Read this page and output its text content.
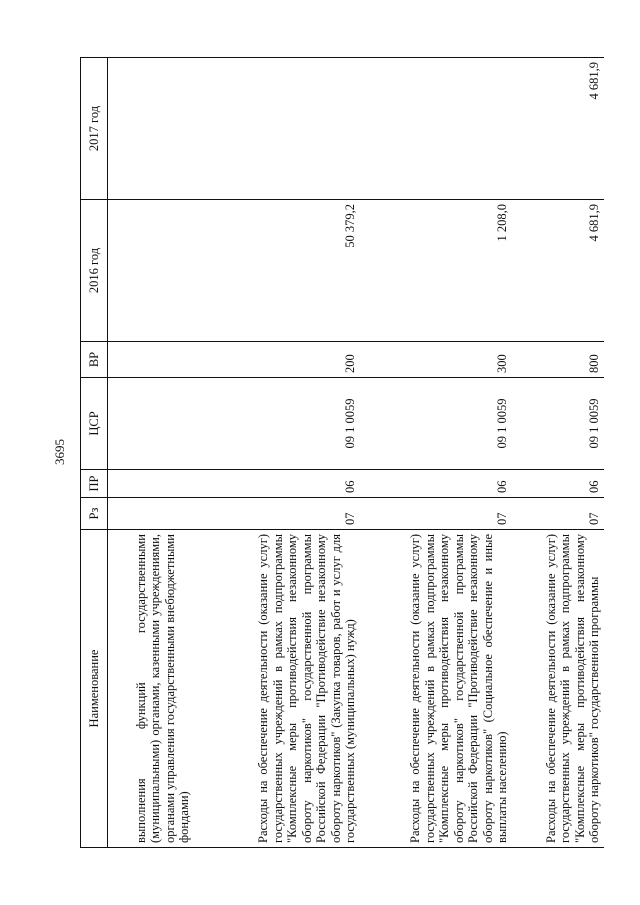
3695
Наименование	Рз	ПР	ЦСР	ВР	2016 год	2017 год
выполнения функций государственными (муниципальными) органами, казенными учреждениями, органами управления государственными внебюджетными фондами)						
Расходы на обеспечение деятельности (оказание услуг) государственных учреждений в рамках подпрограммы "Комплексные меры противодействия незаконному обороту наркотиков" государственной программы Российской Федерации "Противодействие незаконному обороту наркотиков" (Закупка товаров, работ и услуг для государственных (муниципальных) нужд)	07	06	09 1 0059	200	50 379,2	
Расходы на обеспечение деятельности (оказание услуг) государственных учреждений в рамках подпрограммы "Комплексные меры противодействия незаконному обороту наркотиков" государственной программы Российской Федерации "Противодействие незаконному обороту наркотиков" (Социальное обеспечение и иные выплаты населению)	07	06	09 1 0059	300	1 208,0	
Расходы на обеспечение деятельности (оказание услуг) государственных учреждений в рамках подпрограммы "Комплексные меры противодействия незаконному обороту наркотиков" государственной программы	07	06	09 1 0059	800	4 681,9	4 681,9
